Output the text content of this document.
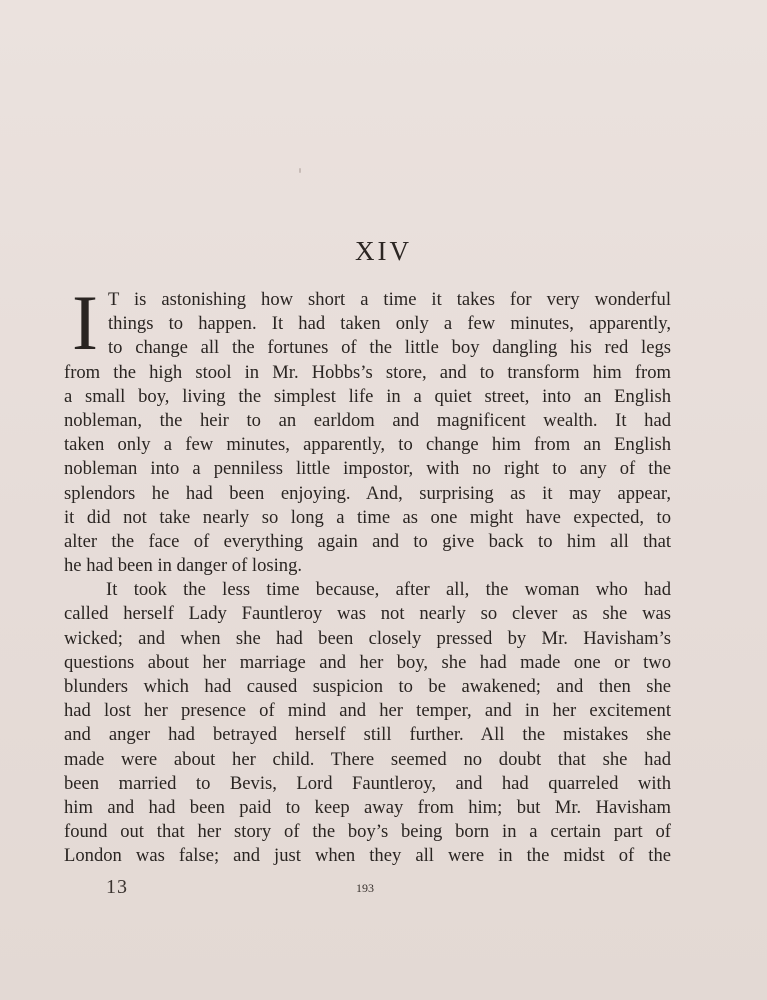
XIV
I T is astonishing how short a time it takes for very wonderful
things to happen. It had taken only a few minutes, apparently,
to change all the fortunes of the little boy dangling his red legs
from the high stool in Mr. Hobbs’s store, and to transform him from
a small boy, living the simplest life in a quiet street, into an English
nobleman, the heir to an earldom and magnificent wealth. It had
taken only a few minutes, apparently, to change him from an English
nobleman into a penniless little impostor, with no right to any of the
splendors he had been enjoying. And, surprising as it may appear,
it did not take nearly so long a time as one might have expected, to
alter the face of everything again and to give back to him all that
he had been in danger of losing.
It took the less time because, after all, the woman who had
called herself Lady Fauntleroy was not nearly so clever as she was
wicked; and when she had been closely pressed by Mr. Havisham’s
questions about her marriage and her boy, she had made one or two
blunders which had caused suspicion to be awakened; and then she
had lost her presence of mind and her temper, and in her excitement
and anger had betrayed herself still further. All the mistakes she
made were about her child. There seemed no doubt that she had
been married to Bevis, Lord Fauntleroy, and had quarreled with
him and had been paid to keep away from him; but Mr. Havisham
found out that her story of the boy’s being born in a certain part of
London was false; and just when they all were in the midst of the
13	193
